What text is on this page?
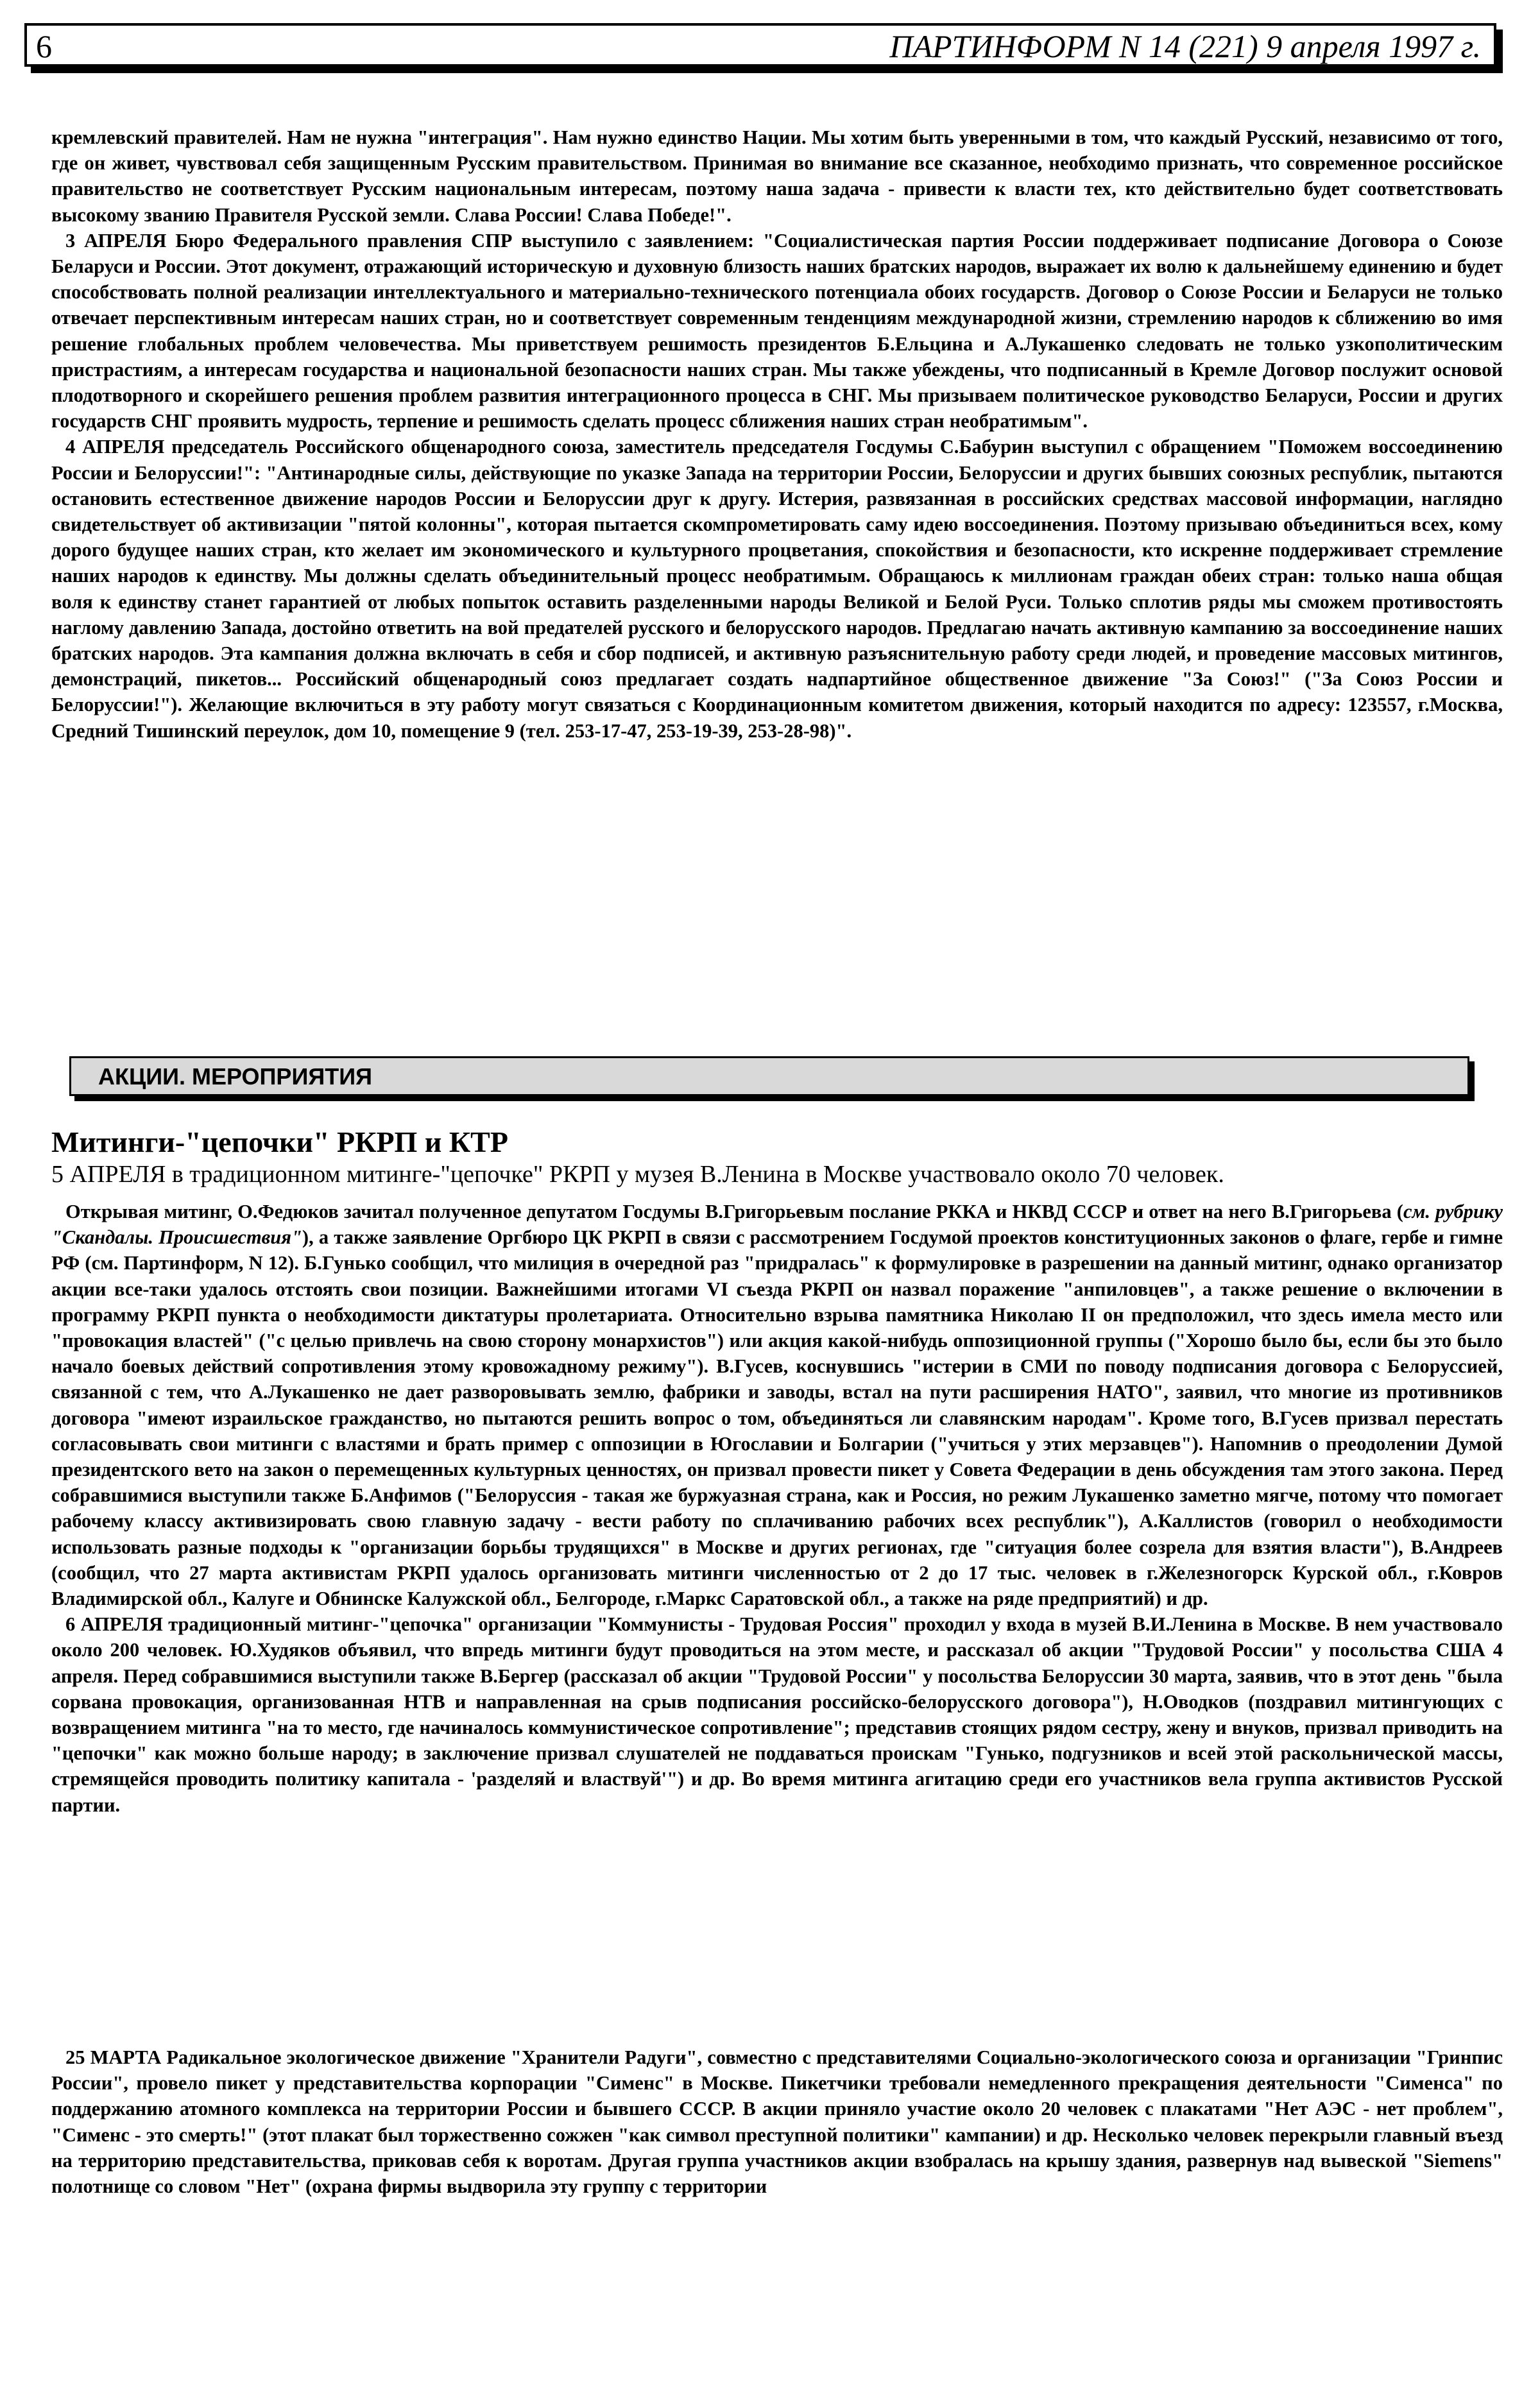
6	ПАРТИНФОРМ N 14 (221) 9 апреля 1997 г.

кремлевский правителей. Нам не нужна "интеграция". Нам нужно единство Нации. Мы хотим быть уверенными в том, что каждый Русский, независимо от того, где он живет, чувствовал себя защищенным Русским правительством. Принимая во внимание все сказанное, необходимо признать, что современное российское правительство не соответствует Русским национальным интересам, поэтому наша задача - привести к власти тех, кто действительно будет соответствовать высокому званию Правителя Русской земли. Слава России! Слава Победе!".

3 АПРЕЛЯ Бюро Федерального правления СПР выступило с заявлением: "Социалистическая партия России поддерживает подписание Договора о Союзе Беларуси и России. Этот документ, отражающий историческую и духовную близость наших братских народов, выражает их волю к дальнейшему единению и будет способствовать полной реализации интеллектуального и материально-технического потенциала обоих государств. Договор о Союзе России и Беларуси не только отвечает перспективным интересам наших стран, но и соответствует современным тенденциям международной жизни, стремлению народов к сближению во имя решение глобальных проблем человечества. Мы приветствуем решимость президентов Б.Ельцина и А.Лукашенко следовать не только узкополитическим пристрастиям, а интересам государства и национальной безопасности наших стран. Мы также убеждены, что подписанный в Кремле Договор послужит основой плодотворного и скорейшего решения проблем развития интеграционного процесса в СНГ. Мы призываем политическое руководство Беларуси, России и других государств СНГ проявить мудрость, терпение и решимость сделать процесс сближения наших стран необратимым".

4 АПРЕЛЯ председатель Российского общенародного союза, заместитель председателя Госдумы С.Бабурин выступил с обращением "Поможем воссоединению России и Белоруссии!": "Антинародные силы, действующие по указке Запада на территории России, Белоруссии и других бывших союзных республик, пытаются остановить естественное движение народов России и Белоруссии друг к другу. Истерия, развязанная в российских средствах массовой информации, наглядно свидетельствует об активизации "пятой колонны", которая пытается скомпрометировать саму идею воссоединения. Поэтому призываю объединиться всех, кому дорого будущее наших стран, кто желает им экономического и культурного процветания, спокойствия и безопасности, кто искренне поддерживает стремление наших народов к единству. Мы должны сделать объединительный процесс необратимым. Обращаюсь к миллионам граждан обеих стран: только наша общая воля к единству станет гарантией от любых попыток оставить разделенными народы Великой и Белой Руси. Только сплотив ряды мы сможем противостоять наглому давлению Запада, достойно ответить на вой предателей русского и белорусского народов. Предлагаю начать активную кампанию за воссоединение наших братских народов. Эта кампания должна включать в себя и сбор подписей, и активную разъяснительную работу среди людей, и проведение массовых митингов, демонстраций, пикетов... Российский общенародный союз предлагает создать надпартийное общественное движение "За Союз!" ("За Союз России и Белоруссии!"). Желающие включиться в эту работу могут связаться с Координационным комитетом движения, который находится по адресу: 123557, г.Москва, Средний Тишинский переулок, дом 10, помещение 9 (тел. 253-17-47, 253-19-39, 253-28-98)".

АКЦИИ. МЕРОПРИЯТИЯ
Митинги-"цепочки" РКРП и КТР
5 АПРЕЛЯ в традиционном митинге-"цепочке" РКРП у музея В.Ленина в Москве участвовало около 70 человек.

Открывая митинг, О.Федюков зачитал полученное депутатом Госдумы В.Григорьевым послание РККА и НКВД СССР и ответ на него В.Григорьева (см. рубрику "Скандалы. Происшествия"), а также заявление Оргбюро ЦК РКРП в связи с рассмотрением Госдумой проектов конституционных законов о флаге, гербе и гимне РФ (см. Партинформ, N 12). Б.Гунько сообщил, что милиция в очередной раз "придралась" к формулировке в разрешении на данный митинг, однако организатор акции все-таки удалось отстоять свои позиции. Важнейшими итогами VI съезда РКРП он назвал поражение "анпиловцев", а также решение о включении в программу РКРП пункта о необходимости диктатуры пролетариата. Относительно взрыва памятника Николаю II он предположил, что здесь имела место или "провокация властей" ("с целью привлечь на свою сторону монархистов") или акция какой-нибудь оппозиционной группы ("Хорошо было бы, если бы это было начало боевых действий сопротивления этому кровожадному режиму"). В.Гусев, коснувшись "истерии в СМИ по поводу подписания договора с Белоруссией, связанной с тем, что А.Лукашенко не дает разворовывать землю, фабрики и заводы, встал на пути расширения НАТО", заявил, что многие из противников договора "имеют израильское гражданство, но пытаются решить вопрос о том, объединяться ли славянским народам". Кроме того, В.Гусев призвал перестать согласовывать свои митинги с властями и брать пример с оппозиции в Югославии и Болгарии ("учиться у этих мерзавцев"). Напомнив о преодолении Думой президентского вето на закон о перемещенных культурных ценностях, он призвал провести пикет у Совета Федерации в день обсуждения там этого закона. Перед собравшимися выступили также Б.Анфимов ("Белоруссия - такая же буржуазная страна, как и Россия, но режим Лукашенко заметно мягче, потому что помогает рабочему классу активизировать свою главную задачу - вести работу по сплачиванию рабочих всех республик"), А.Каллистов (говорил о необходимости использовать разные подходы к "организации борьбы трудящихся" в Москве и других регионах, где "ситуация более созрела для взятия власти"), В.Андреев (сообщил, что 27 марта активистам РКРП удалось организовать митинги численностью от 2 до 17 тыс. человек в г.Железногорск Курской обл., г.Ковров Владимирской обл., Калуге и Обнинске Калужской обл., Белгороде, г.Маркс Саратовской обл., а также на ряде предприятий) и др.

6 АПРЕЛЯ традиционный митинг-"цепочка" организации "Коммунисты - Трудовая Россия" проходил у входа в музей В.И.Ленина в Москве. В нем участвовало около 200 человек. Ю.Худяков объявил, что впредь митинги будут проводиться на этом месте, и рассказал об акции "Трудовой России" у посольства США 4 апреля. Перед собравшимися выступили также В.Бергер (рассказал об акции "Трудовой России" у посольства Белоруссии 30 марта, заявив, что в этот день "была сорвана провокация, организованная НТВ и направленная на срыв подписания российско-белорусского договора"), Н.Оводков (поздравил митингующих с возвращением митинга "на то место, где начиналось коммунистическое сопротивление"; представив стоящих рядом сестру, жену и внуков, призвал приводить на "цепочки" как можно больше народу; в заключение призвал слушателей не поддаваться проискам "Гунько, подгузников и всей этой раскольнической массы, стремящейся проводить политику капитала - 'разделяй и властвуй'") и др. Во время митинга агитацию среди его участников вела группа активистов Русской партии.

25 МАРТА Радикальное экологическое движение "Хранители Радуги", совместно с представителями Социально-экологического союза и организации "Гринпис России", провело пикет у представительства корпорации "Сименс" в Москве. Пикетчики требовали немедленного прекращения деятельности "Сименса" по поддержанию атомного комплекса на территории России и бывшего СССР. В акции приняло участие около 20 человек с плакатами "Нет АЭС - нет проблем", "Сименс - это смерть!" (этот плакат был торжественно сожжен "как символ преступной политики" кампании) и др. Несколько человек перекрыли главный въезд на территорию представительства, приковав себя к воротам. Другая группа участников акции взобралась на крышу здания, развернув над вывеской "Siemens" полотнище со словом "Нет" (охрана фирмы выдворила эту группу с территории
